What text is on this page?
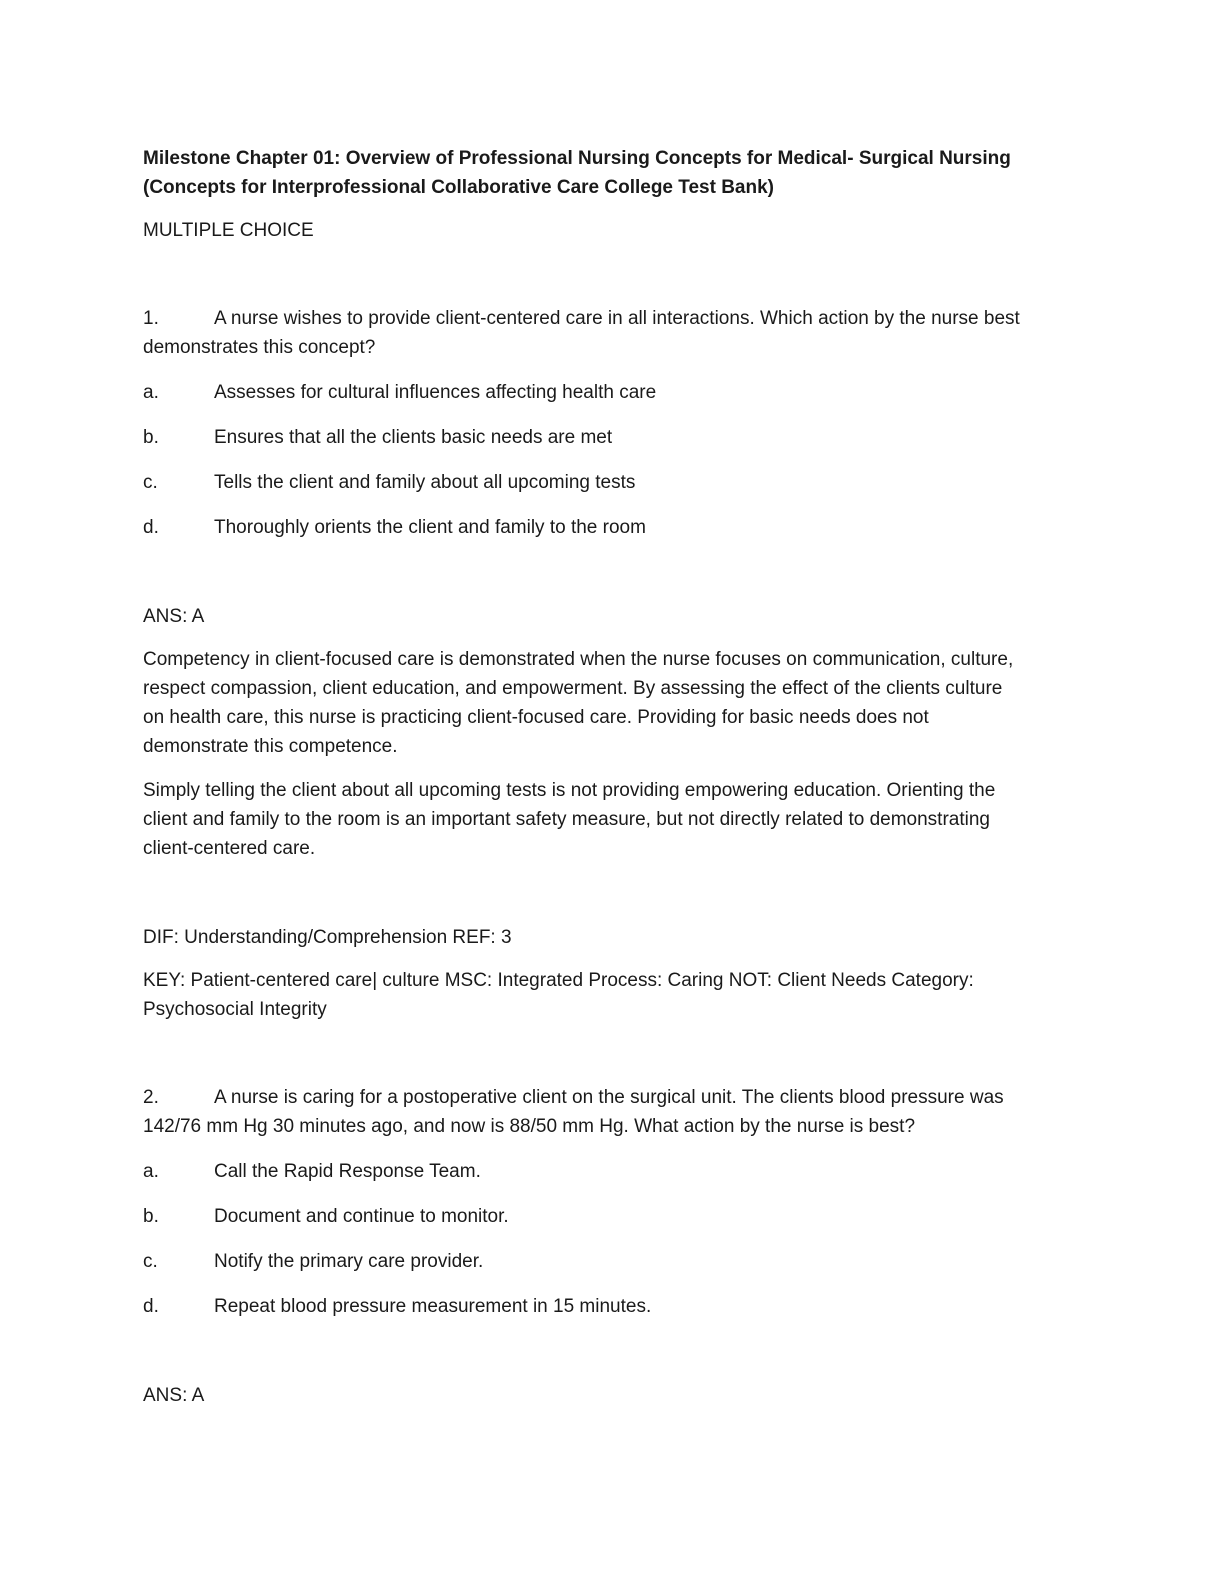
Milestone Chapter 01: Overview of Professional Nursing Concepts for Medical- Surgical Nursing
(Concepts for Interprofessional Collaborative Care College Test Bank)
MULTIPLE CHOICE
1.	A nurse wishes to provide client-centered care in all interactions. Which action by the nurse best
demonstrates this concept?
a.	Assesses for cultural influences affecting health care
b.	Ensures that all the clients basic needs are met
c.	Tells the client and family about all upcoming tests
d.	Thoroughly orients the client and family to the room
ANS: A
Competency in client-focused care is demonstrated when the nurse focuses on communication, culture,
respect compassion, client education, and empowerment. By assessing the effect of the clients culture
on health care, this nurse is practicing client-focused care. Providing for basic needs does not
demonstrate this competence.
Simply telling the client about all upcoming tests is not providing empowering education. Orienting the
client and family to the room is an important safety measure, but not directly related to demonstrating
client-centered care.
DIF: Understanding/Comprehension REF: 3
KEY: Patient-centered care| culture MSC: Integrated Process: Caring NOT: Client Needs Category:
Psychosocial Integrity
2.	A nurse is caring for a postoperative client on the surgical unit. The clients blood pressure was
142/76 mm Hg 30 minutes ago, and now is 88/50 mm Hg. What action by the nurse is best?
a.	Call the Rapid Response Team.
b.	Document and continue to monitor.
c.	Notify the primary care provider.
d.	Repeat blood pressure measurement in 15 minutes.
ANS: A
